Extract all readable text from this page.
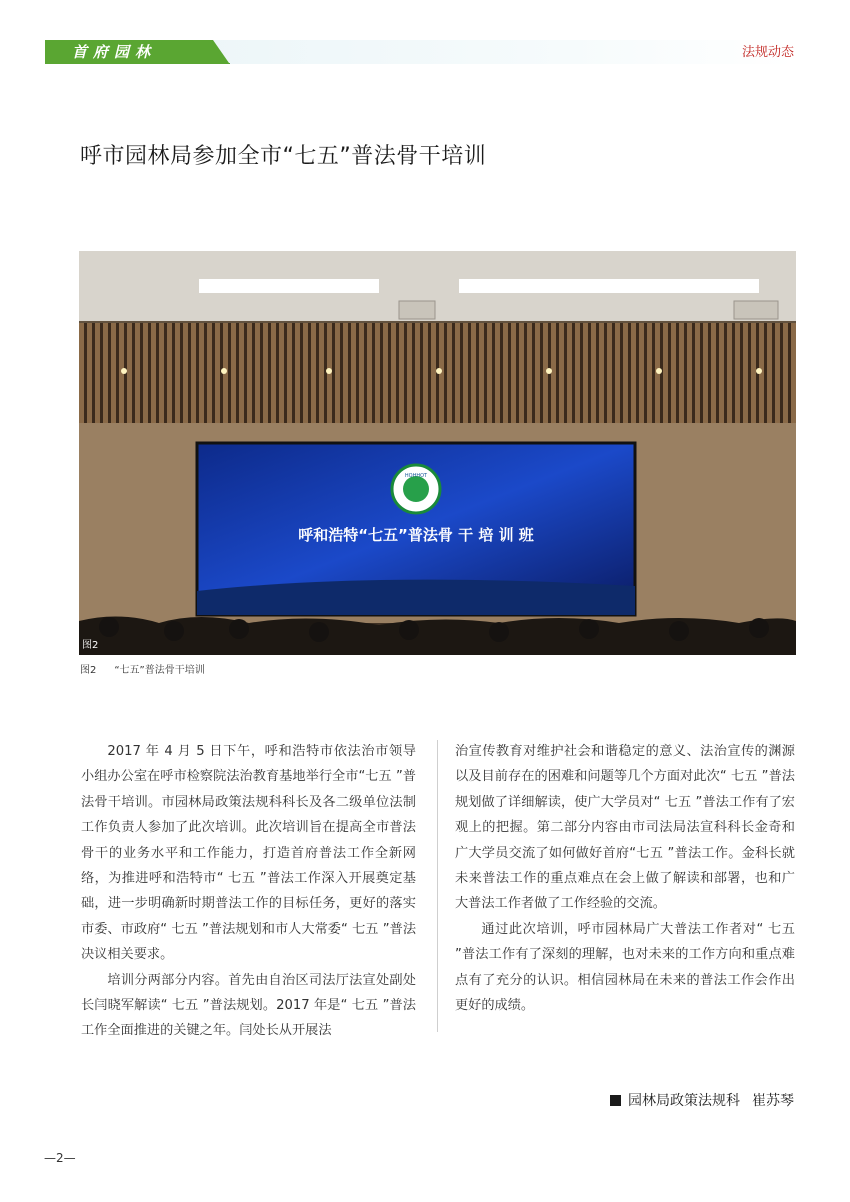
首府园林	法规动态
呼市园林局参加全市“七五”普法骨干培训
HOHHOT
呼和浩特“七五”普法骨 干 培 训 班
图2
图2 “七五”普法骨干培训

2017 年 4 月 5 日下午，呼和浩特市依法治市领导小组办公室在呼市检察院法治教育基地举行全市“七五 ”普法骨干培训。市园林局政策法规科科长及各二级单位法制工作负责人参加了此次培训。此次培训旨在提高全市普法骨干的业务水平和工作能力，打造首府普法工作全新网络，为推进呼和浩特市“ 七五 ”普法工作深入开展奠定基础，进一步明确新时期普法工作的目标任务，更好的落实市委、市政府“ 七五 ”普法规划和市人大常委“ 七五 ”普法决议相关要求。

培训分两部分内容。首先由自治区司法厅法宣处副处长闫晓军解读“ 七五 ”普法规划。2017 年是“ 七五 ”普法工作全面推进的关键之年。闫处长从开展法

治宣传教育对维护社会和谐稳定的意义、法治宣传的渊源以及目前存在的困难和问题等几个方面对此次“ 七五 ”普法规划做了详细解读，使广大学员对“ 七五 ”普法工作有了宏观上的把握。第二部分内容由市司法局法宣科科长金奇和广大学员交流了如何做好首府“七五 ”普法工作。金科长就未来普法工作的重点难点在会上做了解读和部署，也和广大普法工作者做了工作经验的交流。

通过此次培训，呼市园林局广大普法工作者对“ 七五 ”普法工作有了深刻的理解，也对未来的工作方向和重点难点有了充分的认识。相信园林局在未来的普法工作会作出更好的成绩。

园林局政策法规科 崔苏琴
—2—
